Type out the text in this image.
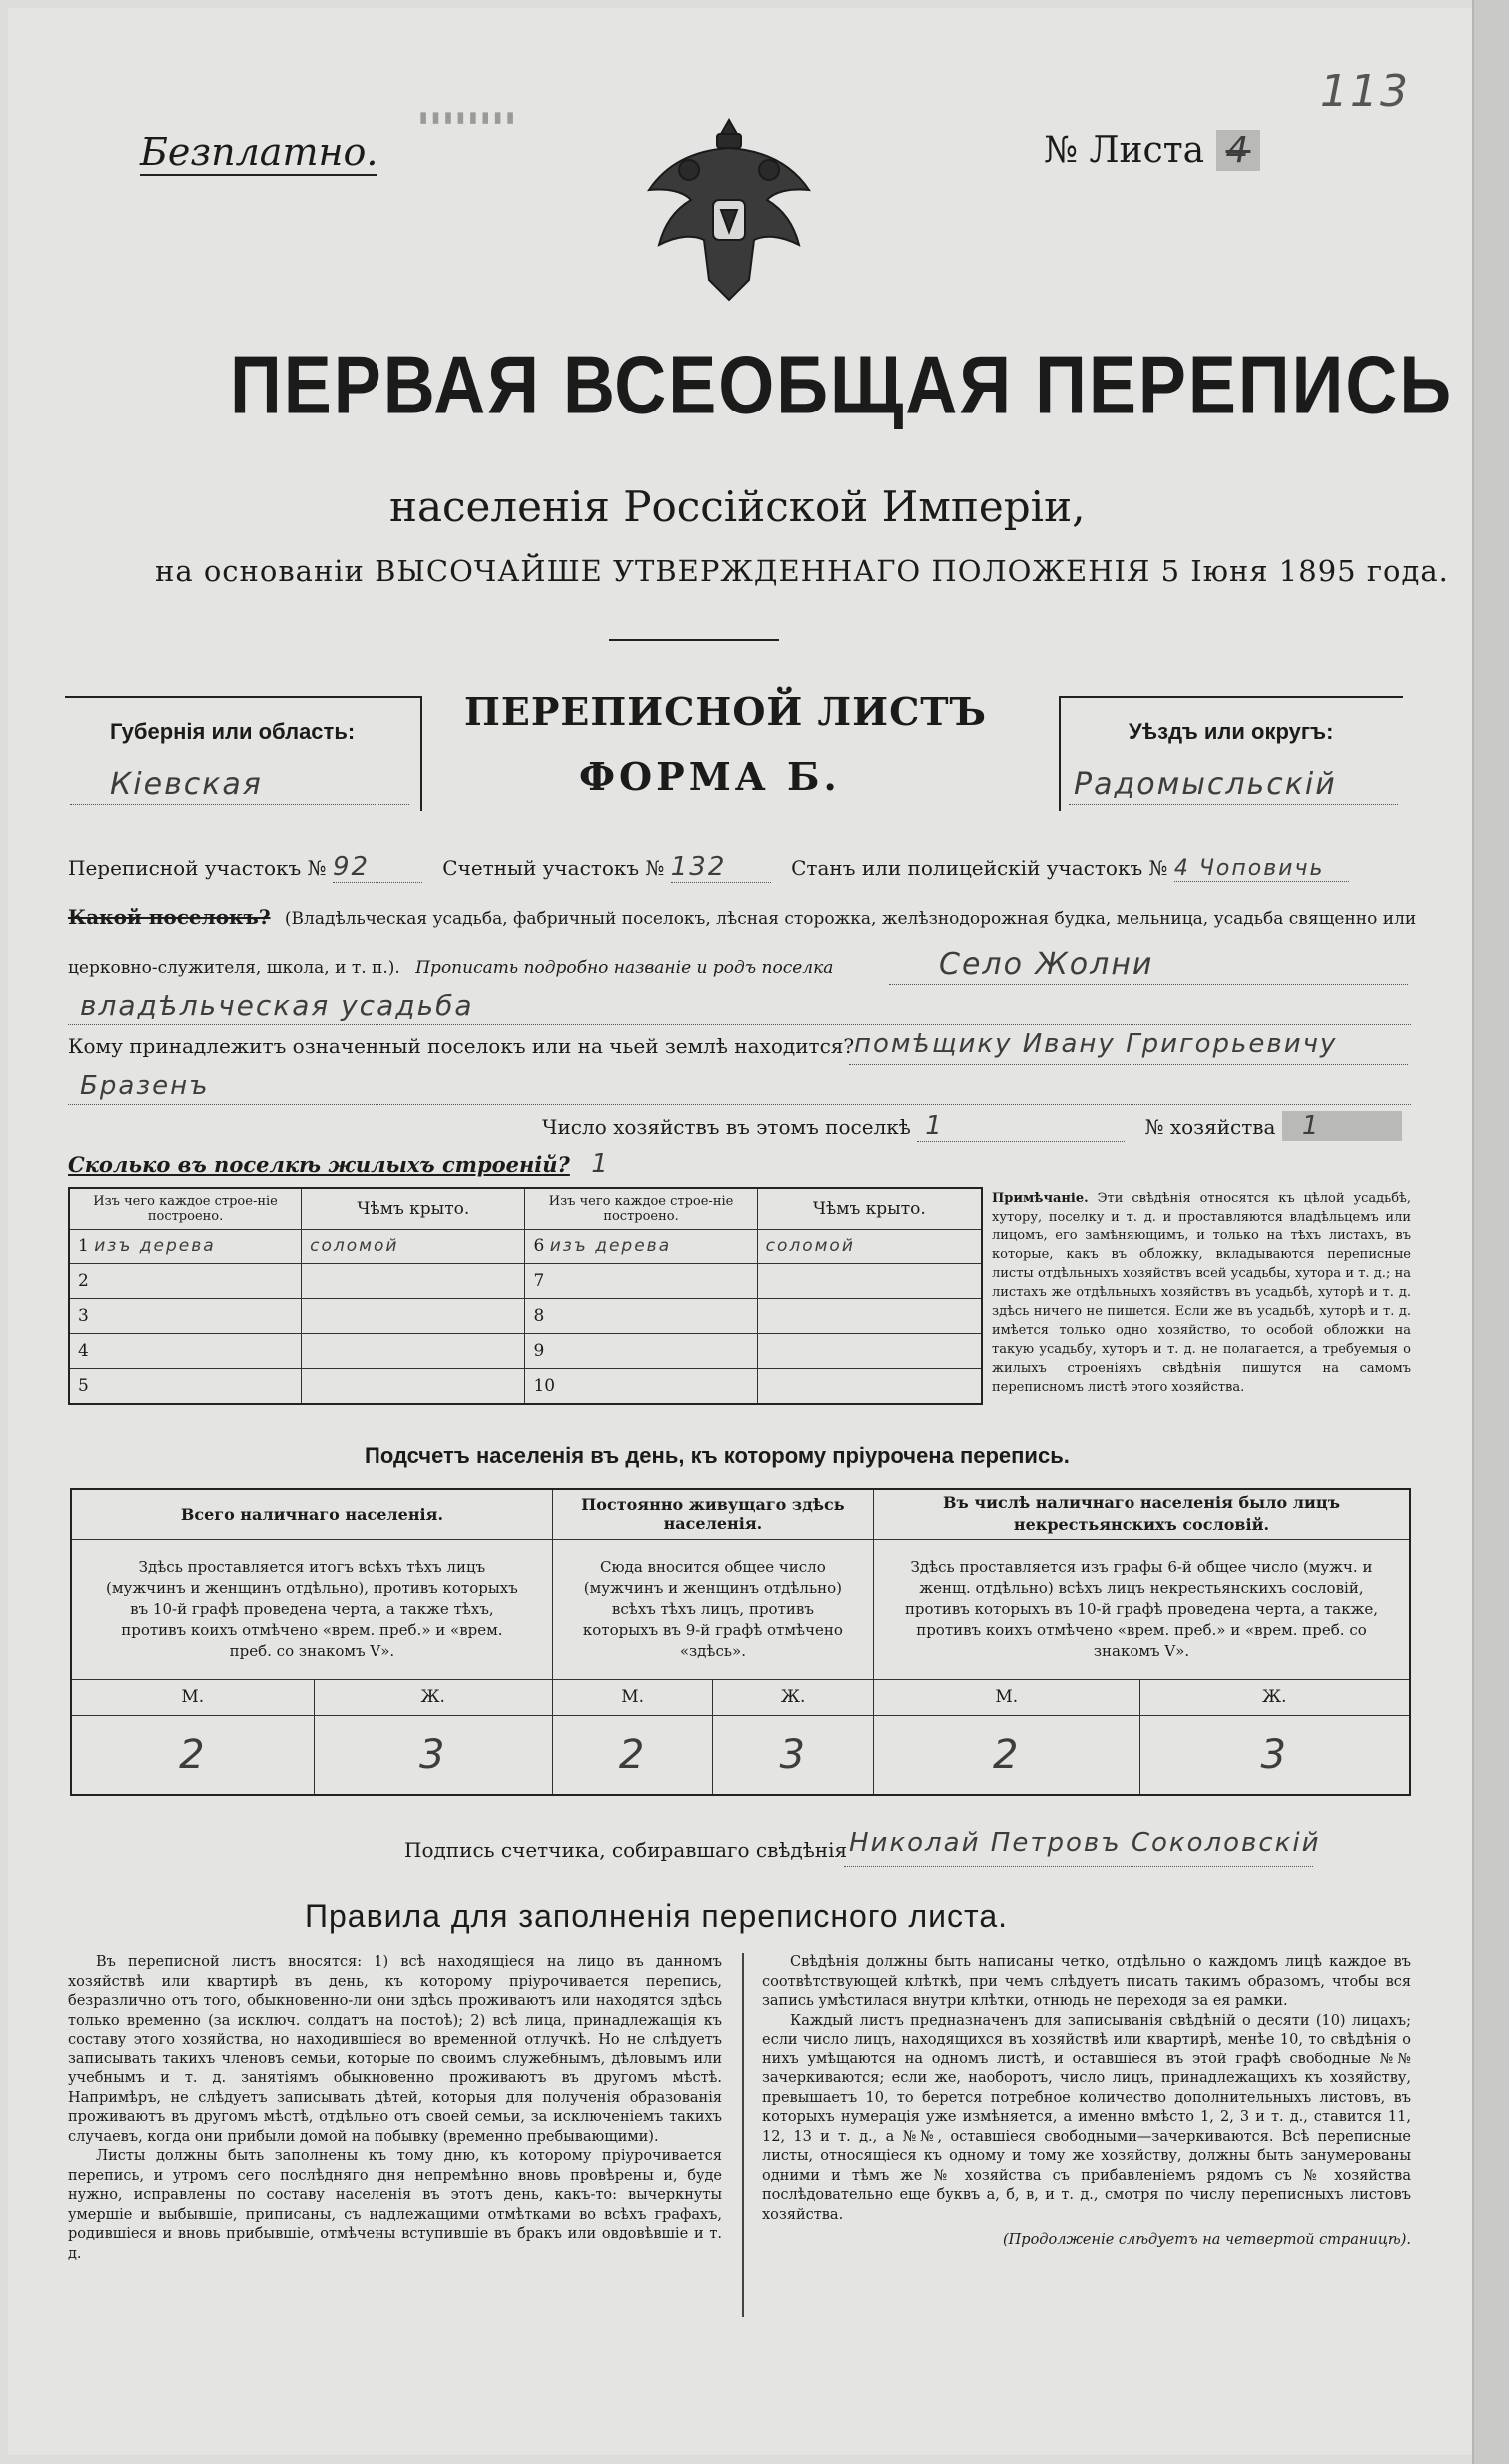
▮ ▮ ▮ ▮ ▮ ▮ ▮ ▮
Безплатно.	№ Листа 4
113
ПЕРВАЯ ВСЕОБЩАЯ ПЕРЕПИСЬ
населенія Россійской Имперіи,
на основаніи ВЫСОЧАЙШЕ УТВЕРЖДЕННАГО ПОЛОЖЕНІЯ 5 Іюня 1895 года.
Губернія или область:
Кіевская
ПЕРЕПИСНОЙ ЛИСТЪ
ФОРМА Б.
Уѣздъ или округъ:
Радомысльскій
Переписной участокъ № 92	Счетный участокъ № 132	Станъ или полицейскій участокъ № 4 Чоповичь
Какой поселокъ? (Владѣльческая усадьба, фабричный поселокъ, лѣсная сторожка, желѣзнодорожная будка, мельница, усадьба священно или
церковно-служителя, школа, и т. п.). Прописать подробно названіе и родъ поселка	Село Жолни
владѣльческая усадьба
Кому принадлежитъ означенный поселокъ или на чьей землѣ находится? помѣщику Ивану Григорьевичу
Бразенъ
Число хозяйствъ въ этомъ поселкѣ 1	№ хозяйства 1
Сколько въ поселкѣ жилыхъ строеній? 1
Изъ чего каждое строе-ніе построено.	Чѣмъ крыто.	Изъ чего каждое строе-ніе построено.	Чѣмъ крыто.
1 изъ дерева	соломой	6 изъ дерева	соломой
2		7	
3		8	
4		9	
5		10	
Примѣчаніе. Эти свѣдѣнія относятся къ цѣлой усадьбѣ, хутору, поселку и т. д. и проставляются владѣльцемъ или лицомъ, его замѣняющимъ, и только на тѣхъ листахъ, въ которые, какъ въ обложку, вкладываются переписные листы отдѣльныхъ хозяйствъ всей усадьбы, хутора и т. д.; на листахъ же отдѣльныхъ хозяйствъ въ усадьбѣ, хуторѣ и т. д. здѣсь ничего не пишется. Если же въ усадьбѣ, хуторѣ и т. д. имѣется только одно хозяйство, то особой обложки на такую усадьбу, хуторъ и т. д. не полагается, а требуемыя о жилыхъ строеніяхъ свѣдѣнія пишутся на самомъ переписномъ листѣ этого хозяйства.
Подсчетъ населенія въ день, къ которому пріурочена перепись.
Всего наличнаго населенія.		Постоянно живущаго здѣсь населенія.		Въ числѣ наличнаго населенія было лицъ некрестьянскихъ сословій.	
Здѣсь проставляется итогъ всѣхъ тѣхъ лицъ (мужчинъ и женщинъ отдѣльно), противъ которыхъ въ 10-й графѣ проведена черта, а также тѣхъ, противъ коихъ отмѣчено «врем. преб.» и «врем. преб. со знакомъ V».		Сюда вносится общее число (мужчинъ и женщинъ отдѣльно) всѣхъ тѣхъ лицъ, противъ которыхъ въ 9-й графѣ отмѣчено «здѣсь».		Здѣсь проставляется изъ графы 6-й общее число (мужч. и женщ. отдѣльно) всѣхъ лицъ некрестьянскихъ сословій, противъ которыхъ въ 10-й графѣ проведена черта, а также, противъ коихъ отмѣчено «врем. преб.» и «врем. преб. со знакомъ V».	
М.	Ж.	М.	Ж.	М.	Ж.
2	3	2	3	2	3
Подпись счетчика, собиравшаго свѣдѣнія Николай Петровъ Соколовскій
Правила для заполненія переписного листа.

Въ переписной листъ вносятся: 1) всѣ находящіеся на лицо въ данномъ хозяйствѣ или квартирѣ въ день, къ которому пріурочивается перепись, безразлично отъ того, обыкновенно-ли они здѣсь проживаютъ или находятся здѣсь только временно (за исключ. солдатъ на постоѣ); 2) всѣ лица, принадлежащія къ составу этого хозяйства, но находившіеся во временной отлучкѣ. Но не слѣдуетъ записывать такихъ членовъ семьи, которые по своимъ служебнымъ, дѣловымъ или учебнымъ и т. д. занятіямъ обыкновенно проживаютъ въ другомъ мѣстѣ. Напримѣръ, не слѣдуетъ записывать дѣтей, которыя для полученія образованія проживаютъ въ другомъ мѣстѣ, отдѣльно отъ своей семьи, за исключеніемъ такихъ случаевъ, когда они прибыли домой на побывку (временно пребывающими).

Листы должны быть заполнены къ тому дню, къ которому пріурочивается перепись, и утромъ сего послѣдняго дня непремѣнно вновь провѣрены и, буде нужно, исправлены по составу населенія въ этотъ день, какъ-то: вычеркнуты умершіе и выбывшіе, приписаны, съ надлежащими отмѣтками во всѣхъ графахъ, родившіеся и вновь прибывшіе, отмѣчены вступившіе въ бракъ или овдовѣвшіе и т. д.

Свѣдѣнія должны быть написаны четко, отдѣльно о каждомъ лицѣ каждое въ соотвѣтствующей клѣткѣ, при чемъ слѣдуетъ писать такимъ образомъ, чтобы вся запись умѣстилася внутри клѣтки, отнюдь не переходя за ея рамки.

Каждый листъ предназначенъ для записыванія свѣдѣній о десяти (10) лицахъ; если число лицъ, находящихся въ хозяйствѣ или квартирѣ, менѣе 10, то свѣдѣнія о нихъ умѣщаются на одномъ листѣ, и оставшіеся въ этой графѣ свободные №№ зачеркиваются; если же, наоборотъ, число лицъ, принадлежащихъ къ хозяйству, превышаетъ 10, то берется потребное количество дополнительныхъ листовъ, въ которыхъ нумерація уже измѣняется, а именно вмѣсто 1, 2, 3 и т. д., ставится 11, 12, 13 и т. д., а №№, оставшіеся свободными—зачеркиваются. Всѣ переписные листы, относящіеся къ одному и тому же хозяйству, должны быть занумерованы одними и тѣмъ же № хозяйства съ прибавленіемъ рядомъ съ № хозяйства послѣдовательно еще буквъ а, б, в, и т. д., смотря по числу переписныхъ листовъ хозяйства.

(Продолженіе слѣдуетъ на четвертой страницѣ).
